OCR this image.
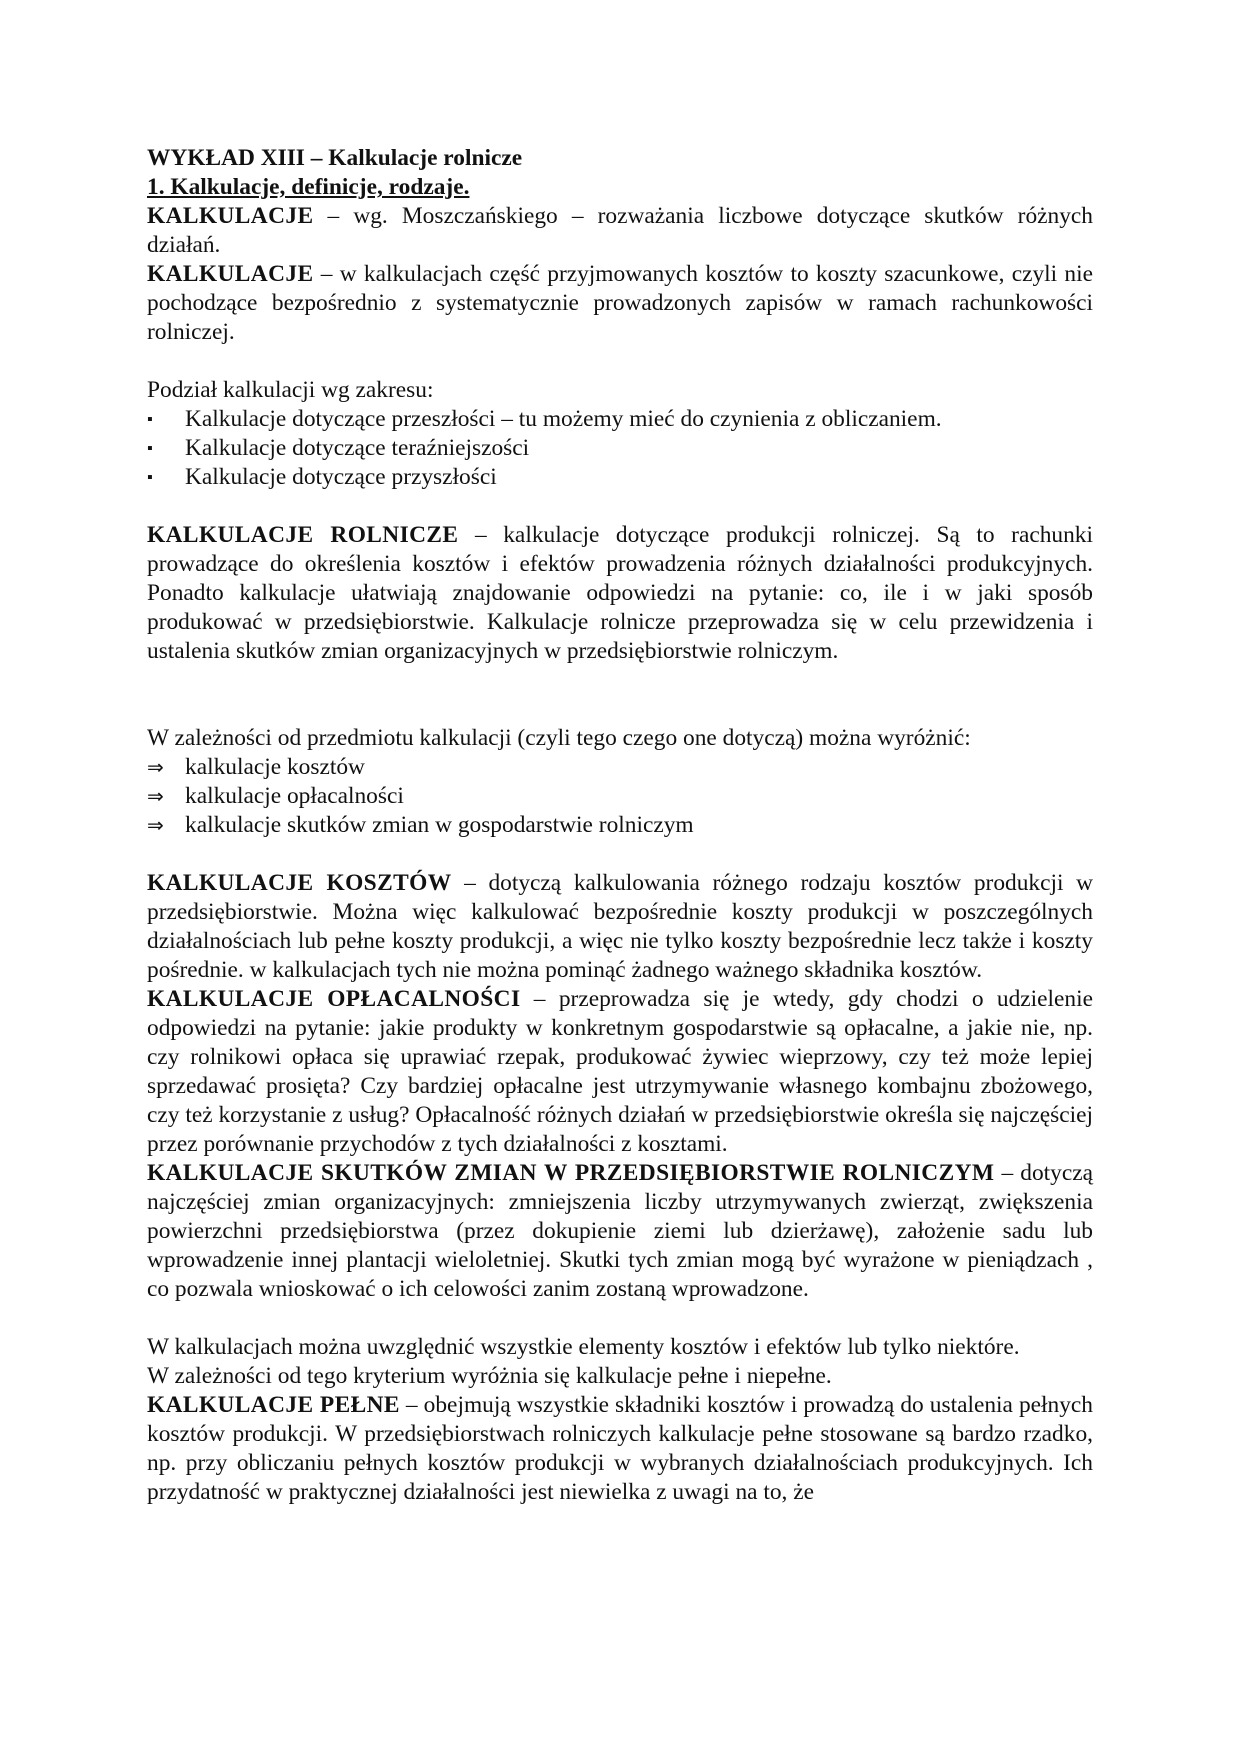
WYKŁAD XIII – Kalkulacje rolnicze

1. Kalkulacje, definicje, rodzaje.

KALKULACJE – wg. Moszczańskiego – rozważania liczbowe dotyczące skutków różnych działań.

KALKULACJE – w kalkulacjach część przyjmowanych kosztów to koszty szacunkowe, czyli nie pochodzące bezpośrednio z systematycznie prowadzonych zapisów w ramach rachunkowości rolniczej.

Podział kalkulacji wg zakresu:

▪	Kalkulacje dotyczące przeszłości – tu możemy mieć do czynienia z obliczaniem.
▪	Kalkulacje dotyczące teraźniejszości
▪	Kalkulacje dotyczące przyszłości

KALKULACJE ROLNICZE – kalkulacje dotyczące produkcji rolniczej. Są to rachunki prowadzące do określenia kosztów i efektów prowadzenia różnych działalności produkcyjnych. Ponadto kalkulacje ułatwiają znajdowanie odpowiedzi na pytanie: co, ile i w jaki sposób produkować w przedsiębiorstwie. Kalkulacje rolnicze przeprowadza się w celu przewidzenia i ustalenia skutków zmian organizacyjnych w przedsiębiorstwie rolniczym.

W zależności od przedmiotu kalkulacji (czyli tego czego one dotyczą) można wyróżnić:

⇒ kalkulacje kosztów
⇒ kalkulacje opłacalności
⇒ kalkulacje skutków zmian w gospodarstwie rolniczym

KALKULACJE KOSZTÓW – dotyczą kalkulowania różnego rodzaju kosztów produkcji w przedsiębiorstwie. Można więc kalkulować bezpośrednie koszty produkcji w poszczególnych działalnościach lub pełne koszty produkcji, a więc nie tylko koszty bezpośrednie lecz także i koszty pośrednie. w kalkulacjach tych nie można pominąć żadnego ważnego składnika kosztów.

KALKULACJE OPŁACALNOŚCI – przeprowadza się je wtedy, gdy chodzi o udzielenie odpowiedzi na pytanie: jakie produkty w konkretnym gospodarstwie są opłacalne, a jakie nie, np. czy rolnikowi opłaca się uprawiać rzepak, produkować żywiec wieprzowy, czy też może lepiej sprzedawać prosięta? Czy bardziej opłacalne jest utrzymywanie własnego kombajnu zbożowego, czy też korzystanie z usług? Opłacalność różnych działań w przedsiębiorstwie określa się najczęściej przez porównanie przychodów z tych działalności z kosztami.

KALKULACJE SKUTKÓW ZMIAN W PRZEDSIĘBIORSTWIE ROLNICZYM – dotyczą najczęściej zmian organizacyjnych: zmniejszenia liczby utrzymywanych zwierząt, zwiększenia powierzchni przedsiębiorstwa (przez dokupienie ziemi lub dzierżawę), założenie sadu lub wprowadzenie innej plantacji wieloletniej. Skutki tych zmian mogą być wyrażone w pieniądzach , co pozwala wnioskować o ich celowości zanim zostaną wprowadzone.

W kalkulacjach można uwzględnić wszystkie elementy kosztów i efektów lub tylko niektóre.

W zależności od tego kryterium wyróżnia się kalkulacje pełne i niepełne.

KALKULACJE PEŁNE – obejmują wszystkie składniki kosztów i prowadzą do ustalenia pełnych kosztów produkcji. W przedsiębiorstwach rolniczych kalkulacje pełne stosowane są bardzo rzadko, np. przy obliczaniu pełnych kosztów produkcji w wybranych działalnościach produkcyjnych. Ich przydatność w praktycznej działalności jest niewielka z uwagi na to, że
